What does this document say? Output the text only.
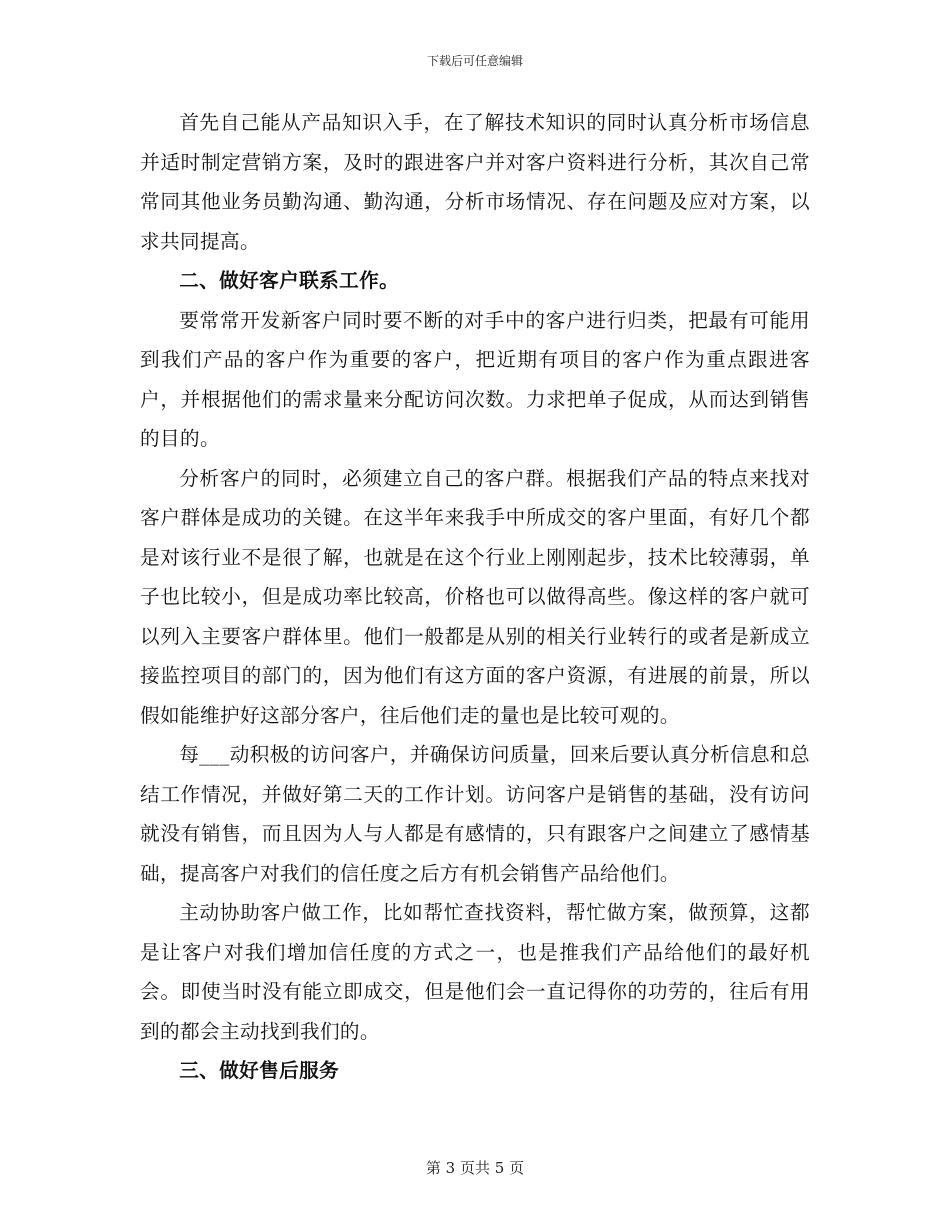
下载后可任意编辑

首先自己能从产品知识入手，在了解技术知识的同时认真分析市场信息并适时制定营销方案，及时的跟进客户并对客户资料进行分析，其次自己常常同其他业务员勤沟通、勤沟通，分析市场情况、存在问题及应对方案，以求共同提高。

二、做好客户联系工作。

要常常开发新客户同时要不断的对手中的客户进行归类，把最有可能用到我们产品的客户作为重要的客户，把近期有项目的客户作为重点跟进客户，并根据他们的需求量来分配访问次数。力求把单子促成，从而达到销售的目的。

分析客户的同时，必须建立自己的客户群。根据我们产品的特点来找对客户群体是成功的关键。在这半年来我手中所成交的客户里面，有好几个都是对该行业不是很了解，也就是在这个行业上刚刚起步，技术比较薄弱，单子也比较小，但是成功率比较高，价格也可以做得高些。像这样的客户就可以列入主要客户群体里。他们一般都是从别的相关行业转行的或者是新成立接监控项目的部门的，因为他们有这方面的客户资源，有进展的前景，所以假如能维护好这部分客户，往后他们走的量也是比较可观的。

每___动积极的访问客户，并确保访问质量，回来后要认真分析信息和总结工作情况，并做好第二天的工作计划。访问客户是销售的基础，没有访问就没有销售，而且因为人与人都是有感情的，只有跟客户之间建立了感情基础，提高客户对我们的信任度之后方有机会销售产品给他们。

主动协助客户做工作，比如帮忙查找资料，帮忙做方案，做预算，这都是让客户对我们增加信任度的方式之一，也是推我们产品给他们的最好机会。即使当时没有能立即成交，但是他们会一直记得你的功劳的，往后有用到的都会主动找到我们的。

三、做好售后服务

第 3 页共 5 页
